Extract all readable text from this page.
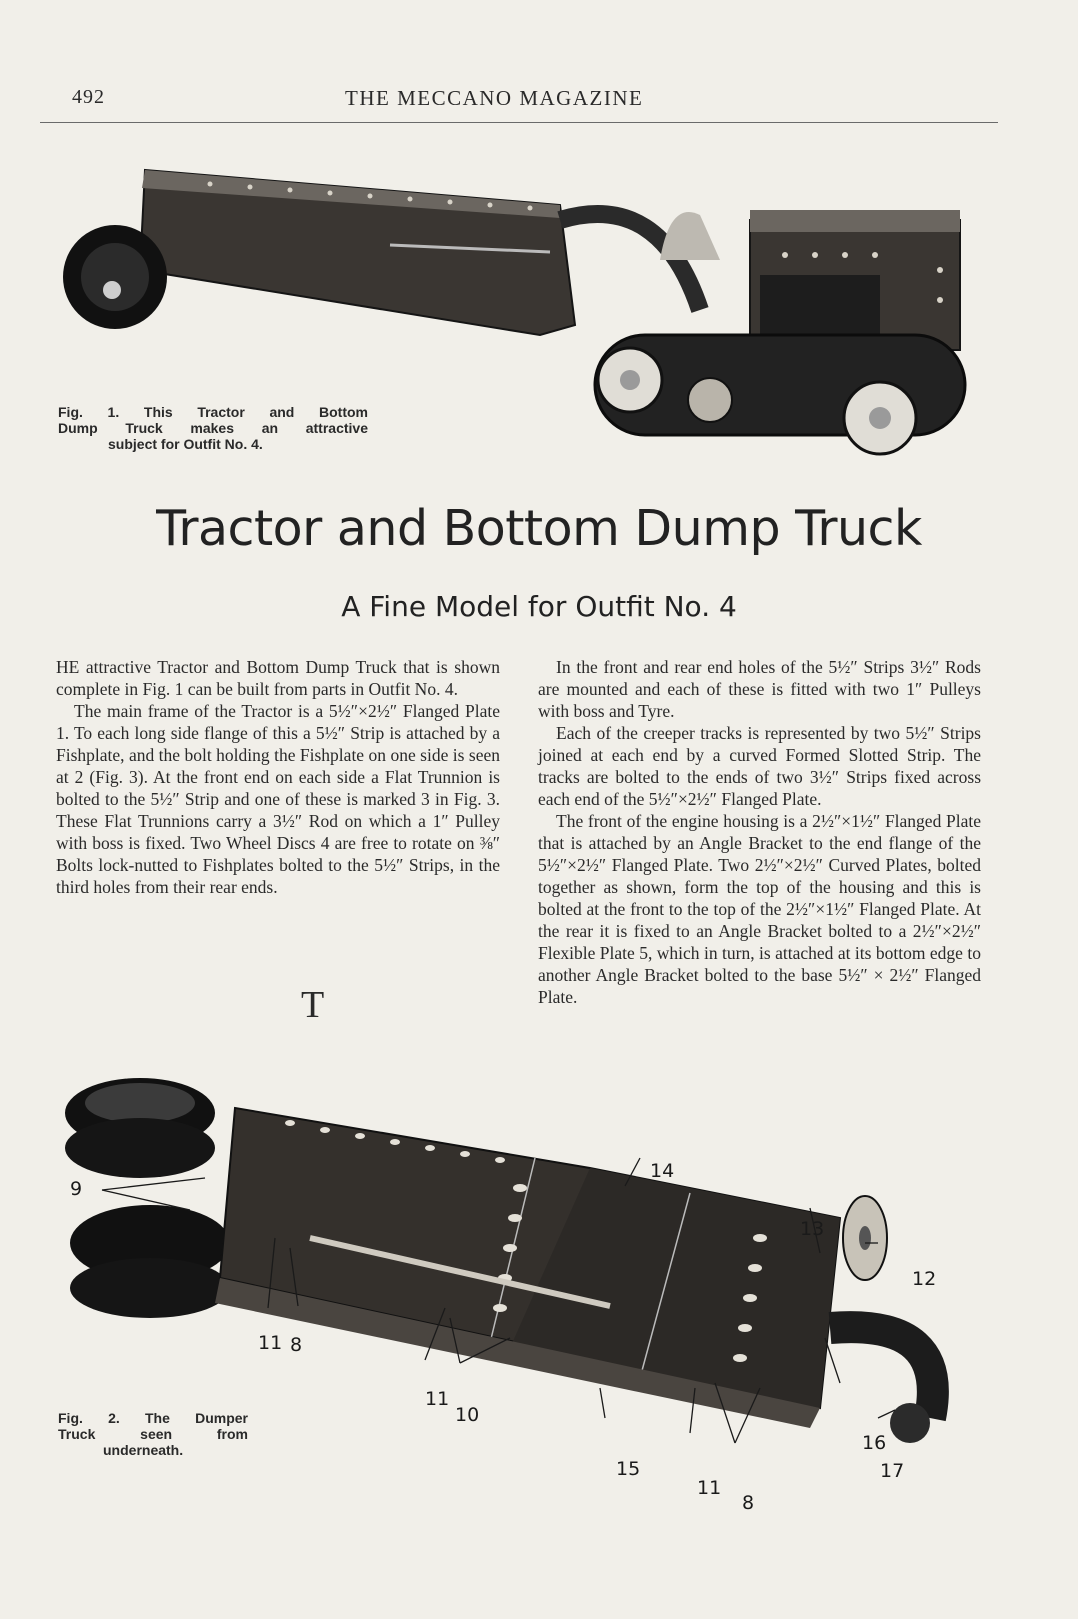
492	THE MECCANO MAGAZINE
Fig. 1. This Tractor and Bottom
Dump Truck makes an attractive
subject for Outfit No. 4.
Tractor and Bottom Dump Truck
A Fine Model for Outfit No. 4

T
HE attractive Tractor and Bottom Dump Truck that is shown complete in Fig. 1 can be built from parts in Outfit No. 4.

The main frame of the Tractor is a 5½″×2½″ Flanged Plate 1. To each long side flange of this a 5½″ Strip is attached by a Fishplate, and the bolt holding the Fishplate on one side is seen at 2 (Fig. 3). At the front end on each side a Flat Trunnion is bolted to the 5½″ Strip and one of these is marked 3 in Fig. 3. These Flat Trunnions carry a 3½″ Rod on which a 1″ Pulley with boss is fixed. Two Wheel Discs 4 are free to rotate on ⅜″ Bolts lock-nutted to Fishplates bolted to the 5½″ Strips, in the third holes from their rear ends.

In the front and rear end holes of the 5½″ Strips 3½″ Rods are mounted and each of these is fitted with two 1″ Pulleys with boss and Tyre.

Each of the creeper tracks is represented by two 5½″ Strips joined at each end by a curved Formed Slotted Strip. The tracks are bolted to the ends of two 3½″ Strips fixed across each end of the 5½″×2½″ Flanged Plate.

The front of the engine housing is a 2½″×1½″ Flanged Plate that is attached by an Angle Bracket to the end flange of the 5½″×2½″ Flanged Plate. Two 2½″×2½″ Curved Plates, bolted together as shown, form the top of the housing and this is bolted at the front to the top of the 2½″×1½″ Flanged Plate. At the rear it is fixed to an Angle Bracket bolted to a 2½″×2½″ Flexible Plate 5, which in turn, is attached at its bottom edge to another Angle Bracket bolted to the base 5½″ × 2½″ Flanged Plate.

9
14
13
12
11 8
11
10
16
15
11
8
17
Fig. 2. The Dumper
Truck seen from
underneath.
